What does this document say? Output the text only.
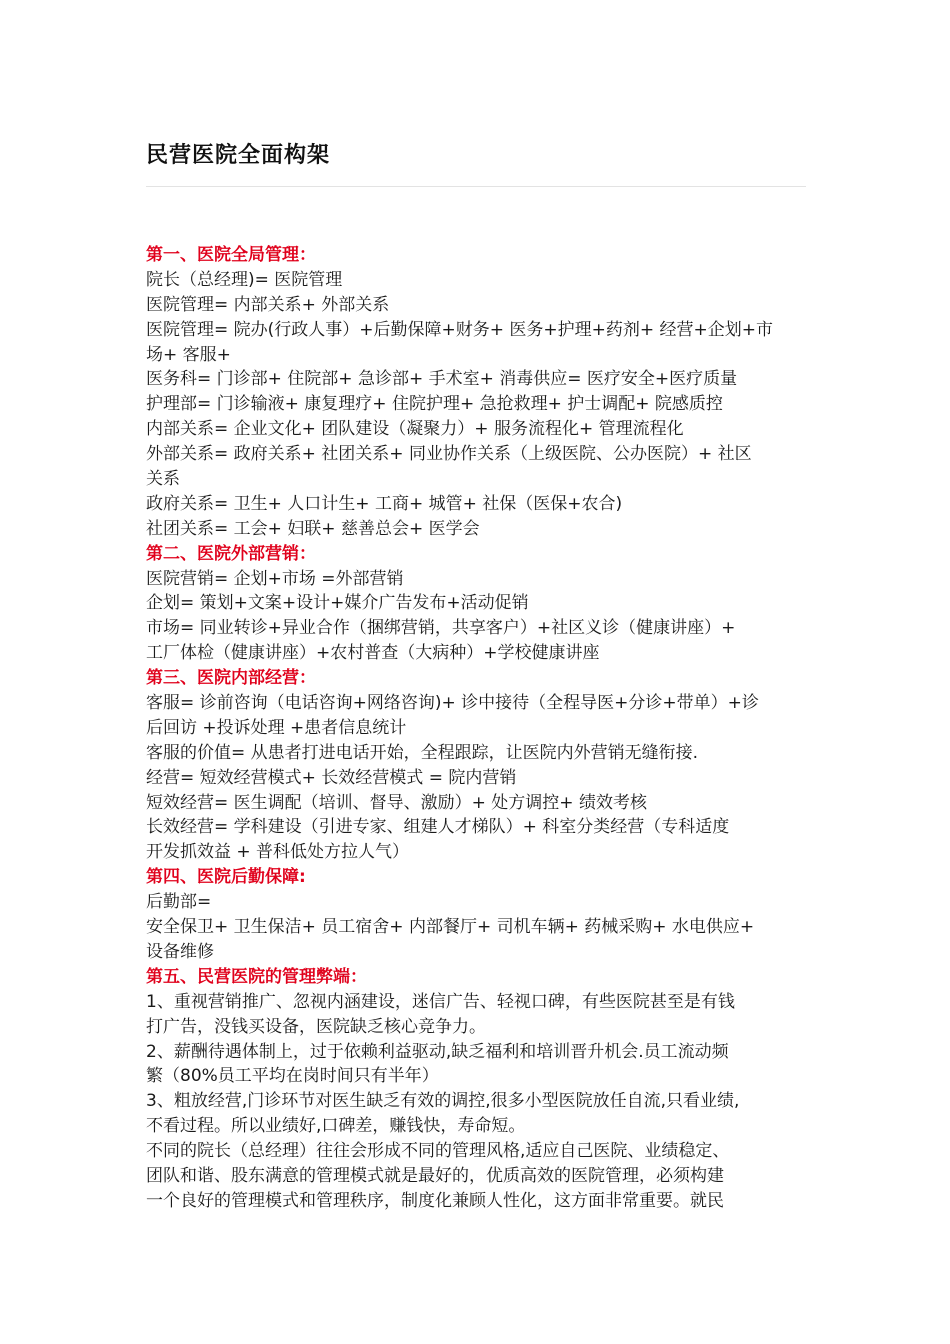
民营医院全面构架
第一、医院全局管理：
院长（总经理)= 医院管理
医院管理= 内部关系+ 外部关系
医院管理= 院办(行政人事）+后勤保障+财务+ 医务+护理+药剂+ 经营+企划+市
场+ 客服+
医务科= 门诊部+ 住院部+ 急诊部+ 手术室+ 消毒供应= 医疗安全+医疗质量
护理部= 门诊输液+ 康复理疗+ 住院护理+ 急抢救理+ 护士调配+ 院感质控
内部关系= 企业文化+ 团队建设（凝聚力）+ 服务流程化+ 管理流程化
外部关系= 政府关系+ 社团关系+ 同业协作关系（上级医院、公办医院）+ 社区
关系
政府关系= 卫生+ 人口计生+ 工商+ 城管+ 社保（医保+农合)
社团关系= 工会+ 妇联+ 慈善总会+ 医学会
第二、医院外部营销：
医院营销= 企划+市场 =外部营销
企划= 策划+文案+设计+媒介广告发布+活动促销
市场= 同业转诊+异业合作（捆绑营销，共享客户）+社区义诊（健康讲座）+
工厂体检（健康讲座）+农村普查（大病种）+学校健康讲座
第三、医院内部经营：
客服= 诊前咨询（电话咨询+网络咨询)+ 诊中接待（全程导医+分诊+带单）+诊
后回访 +投诉处理 +患者信息统计
客服的价值= 从患者打进电话开始，全程跟踪，让医院内外营销无缝衔接.
经营= 短效经营模式+ 长效经营模式 = 院内营销
短效经营= 医生调配（培训、督导、激励）+ 处方调控+ 绩效考核
长效经营= 学科建设（引进专家、组建人才梯队）+ 科室分类经营（专科适度
开发抓效益 + 普科低处方拉人气）
第四、医院后勤保障:
后勤部=
安全保卫+ 卫生保洁+ 员工宿舍+ 内部餐厅+ 司机车辆+ 药械采购+ 水电供应+
设备维修
第五、民营医院的管理弊端：
1、重视营销推广、忽视内涵建设，迷信广告、轻视口碑，有些医院甚至是有钱
打广告，没钱买设备，医院缺乏核心竞争力。
2、薪酬待遇体制上，过于依赖利益驱动,缺乏福利和培训晋升机会.员工流动频
繁（80%员工平均在岗时间只有半年）
3、粗放经营,门诊环节对医生缺乏有效的调控,很多小型医院放任自流,只看业绩,
不看过程。所以业绩好,口碑差，赚钱快，寿命短。
不同的院长（总经理）往往会形成不同的管理风格,适应自己医院、业绩稳定、
团队和谐、股东满意的管理模式就是最好的，优质高效的医院管理，必须构建
一个良好的管理模式和管理秩序，制度化兼顾人性化，这方面非常重要。就民
